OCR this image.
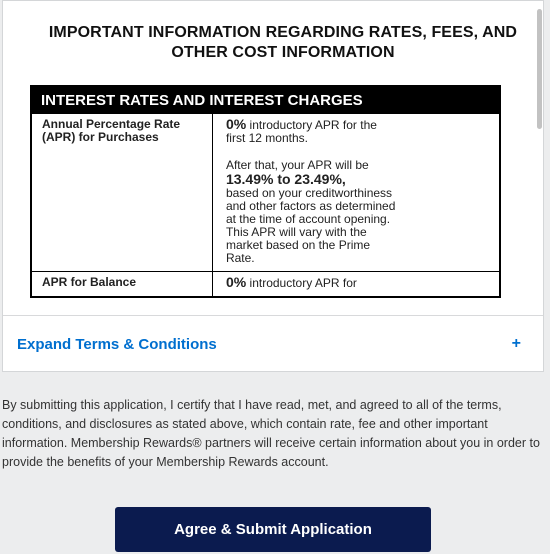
IMPORTANT INFORMATION REGARDING RATES, FEES, AND OTHER COST INFORMATION
INTEREST RATES AND INTEREST CHARGES	
Annual Percentage Rate (APR) for Purchases	0% introductory APR for the first 12 months.

After that, your APR will be
13.49% to 23.49%,
based on your creditworthiness and other factors as determined at the time of account opening. This APR will vary with the market based on the Prime Rate.

APR for Balance	0% introductory APR for

Expand Terms & Conditions	+
By submitting this application, I certify that I have read, met, and agreed to all of the terms, conditions, and disclosures as stated above, which contain rate, fee and other important information. Membership Rewards® partners will receive certain information about you in order to provide the benefits of your Membership Rewards account.
Agree & Submit Application
